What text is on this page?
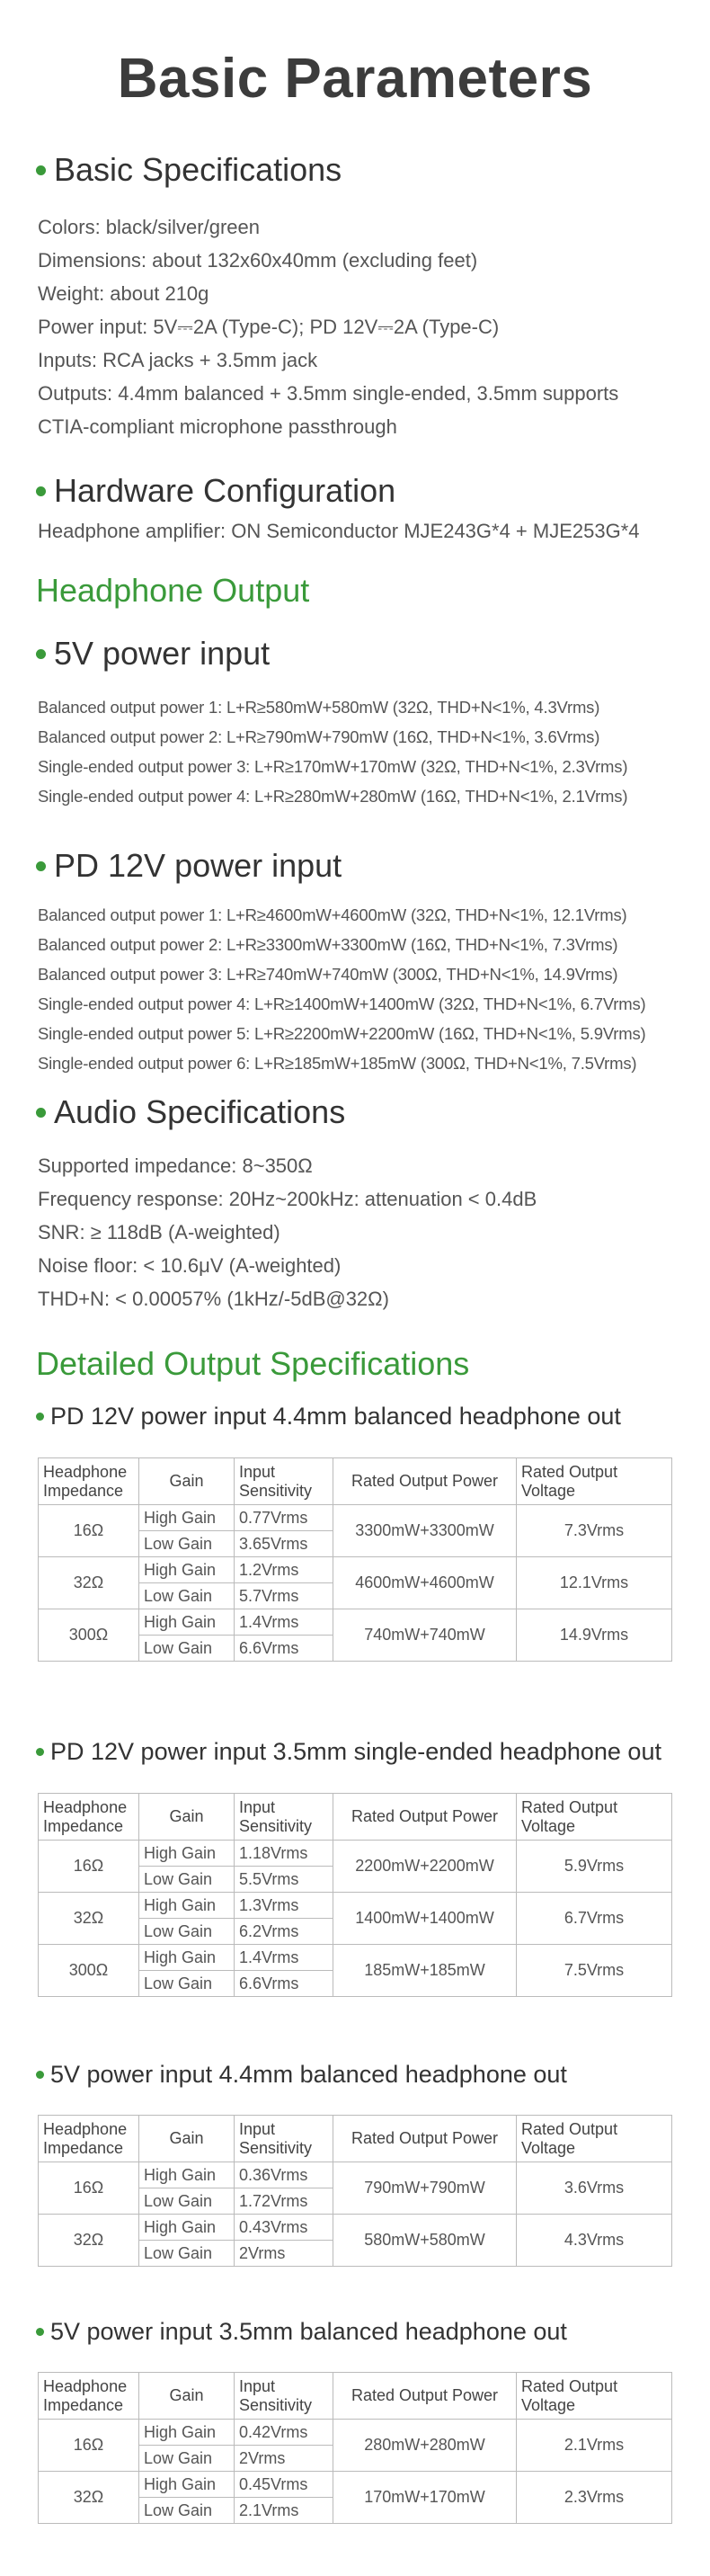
Basic Parameters
Basic Specifications
Colors: black/silver/green
Dimensions: about 132x60x40mm (excluding feet)
Weight: about 210g
Power input: 5V⎓2A (Type-C); PD 12V⎓2A (Type-C)
Inputs: RCA jacks + 3.5mm jack
Outputs: 4.4mm balanced + 3.5mm single-ended, 3.5mm supports
CTIA-compliant microphone passthrough
Hardware Configuration
Headphone amplifier: ON Semiconductor MJE243G*4 + MJE253G*4
Headphone Output
5V power input
Balanced output power 1: L+R≥580mW+580mW (32Ω, THD+N<1%, 4.3Vrms)
Balanced output power 2: L+R≥790mW+790mW (16Ω, THD+N<1%, 3.6Vrms)
Single-ended output power 3: L+R≥170mW+170mW (32Ω, THD+N<1%, 2.3Vrms)
Single-ended output power 4: L+R≥280mW+280mW (16Ω, THD+N<1%, 2.1Vrms)
PD 12V power input
Balanced output power 1: L+R≥4600mW+4600mW (32Ω, THD+N<1%, 12.1Vrms)
Balanced output power 2: L+R≥3300mW+3300mW (16Ω, THD+N<1%, 7.3Vrms)
Balanced output power 3: L+R≥740mW+740mW (300Ω, THD+N<1%, 14.9Vrms)
Single-ended output power 4: L+R≥1400mW+1400mW (32Ω, THD+N<1%, 6.7Vrms)
Single-ended output power 5: L+R≥2200mW+2200mW (16Ω, THD+N<1%, 5.9Vrms)
Single-ended output power 6: L+R≥185mW+185mW (300Ω, THD+N<1%, 7.5Vrms)
Audio Specifications
Supported impedance: 8~350Ω
Frequency response: 20Hz~200kHz: attenuation < 0.4dB
SNR: ≥ 118dB (A-weighted)
Noise floor: < 10.6μV (A-weighted)
THD+N: < 0.00057% (1kHz/-5dB@32Ω)
Detailed Output Specifications
PD 12V power input 4.4mm balanced headphone out
Headphone Impedance	Gain	Input Sensitivity	Rated Output Power	Rated Output Voltage
16Ω	High Gain	0.77Vrms	3300mW+3300mW	7.3Vrms
	Low Gain	3.65Vrms		
32Ω	High Gain	1.2Vrms	4600mW+4600mW	12.1Vrms
	Low Gain	5.7Vrms		
300Ω	High Gain	1.4Vrms	740mW+740mW	14.9Vrms
	Low Gain	6.6Vrms		
PD 12V power input 3.5mm single-ended headphone out
Headphone Impedance	Gain	Input Sensitivity	Rated Output Power	Rated Output Voltage
16Ω	High Gain	1.18Vrms	2200mW+2200mW	5.9Vrms
	Low Gain	5.5Vrms		
32Ω	High Gain	1.3Vrms	1400mW+1400mW	6.7Vrms
	Low Gain	6.2Vrms		
300Ω	High Gain	1.4Vrms	185mW+185mW	7.5Vrms
	Low Gain	6.6Vrms		
5V power input 4.4mm balanced headphone out
Headphone Impedance	Gain	Input Sensitivity	Rated Output Power	Rated Output Voltage
16Ω	High Gain	0.36Vrms	790mW+790mW	3.6Vrms
	Low Gain	1.72Vrms		
32Ω	High Gain	0.43Vrms	580mW+580mW	4.3Vrms
	Low Gain	2Vrms		
5V power input 3.5mm balanced headphone out
Headphone Impedance	Gain	Input Sensitivity	Rated Output Power	Rated Output Voltage
16Ω	High Gain	0.42Vrms	280mW+280mW	2.1Vrms
	Low Gain	2Vrms		
32Ω	High Gain	0.45Vrms	170mW+170mW	2.3Vrms
	Low Gain	2.1Vrms		
